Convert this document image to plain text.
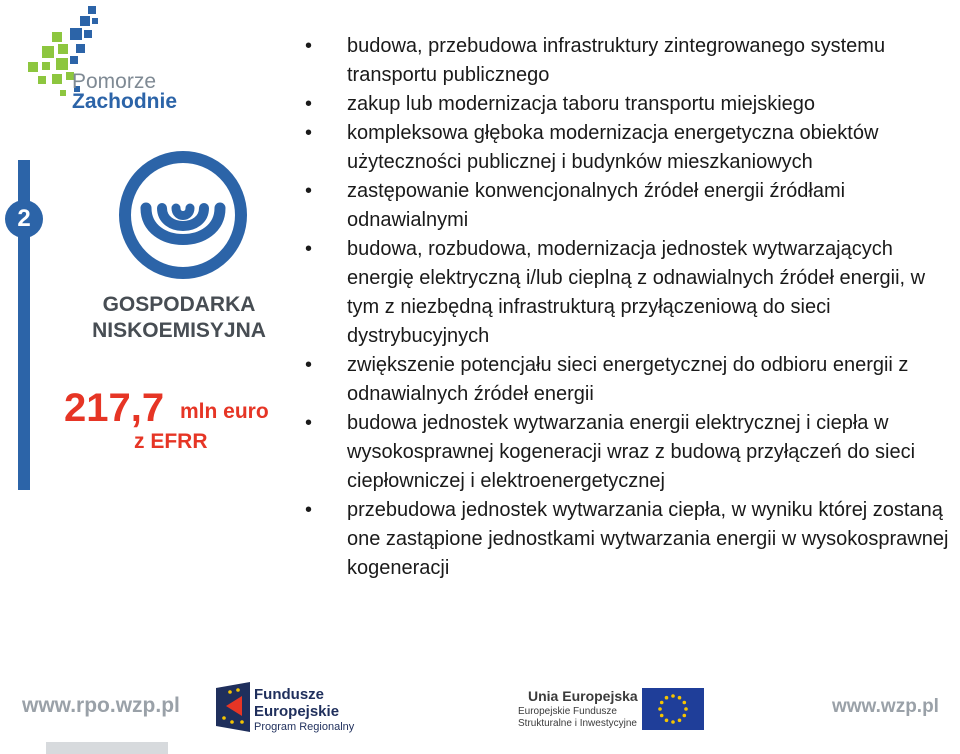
Pomorze
Zachodnie
2
GOSPODARKA
NISKOEMISYJNA
217,7 mln euro
z EFRR
• budowa, przebudowa infrastruktury zintegrowanego systemu transportu publicznego
• zakup lub modernizacja taboru transportu miejskiego
• kompleksowa głęboka modernizacja energetyczna obiektów użyteczności publicznej i budynków mieszkaniowych
• zastępowanie konwencjonalnych źródeł energii źródłami odnawialnymi
• budowa, rozbudowa, modernizacja jednostek wytwarzających energię elektryczną i/lub cieplną z odnawialnych źródeł energii, w tym z niezbędną infrastrukturą przyłączeniową do sieci dystrybucyjnych
• zwiększenie potencjału sieci energetycznej do odbioru energii z odnawialnych źródeł energii
• budowa jednostek wytwarzania energii elektrycznej i ciepła w wysokosprawnej kogeneracji wraz z budową przyłączeń do sieci ciepłowniczej i elektroenergetycznej
• przebudowa jednostek wytwarzania ciepła, w wyniku której zostaną one zastąpione jednostkami wytwarzania energii w wysokosprawnej kogeneracji
www.rpo.wzp.pl	Fundusze
Europejskie
Program Regionalny
Unia Europejska
Europejskie Fundusze
Strukturalne i Inwestycyjne
www.wzp.pl
